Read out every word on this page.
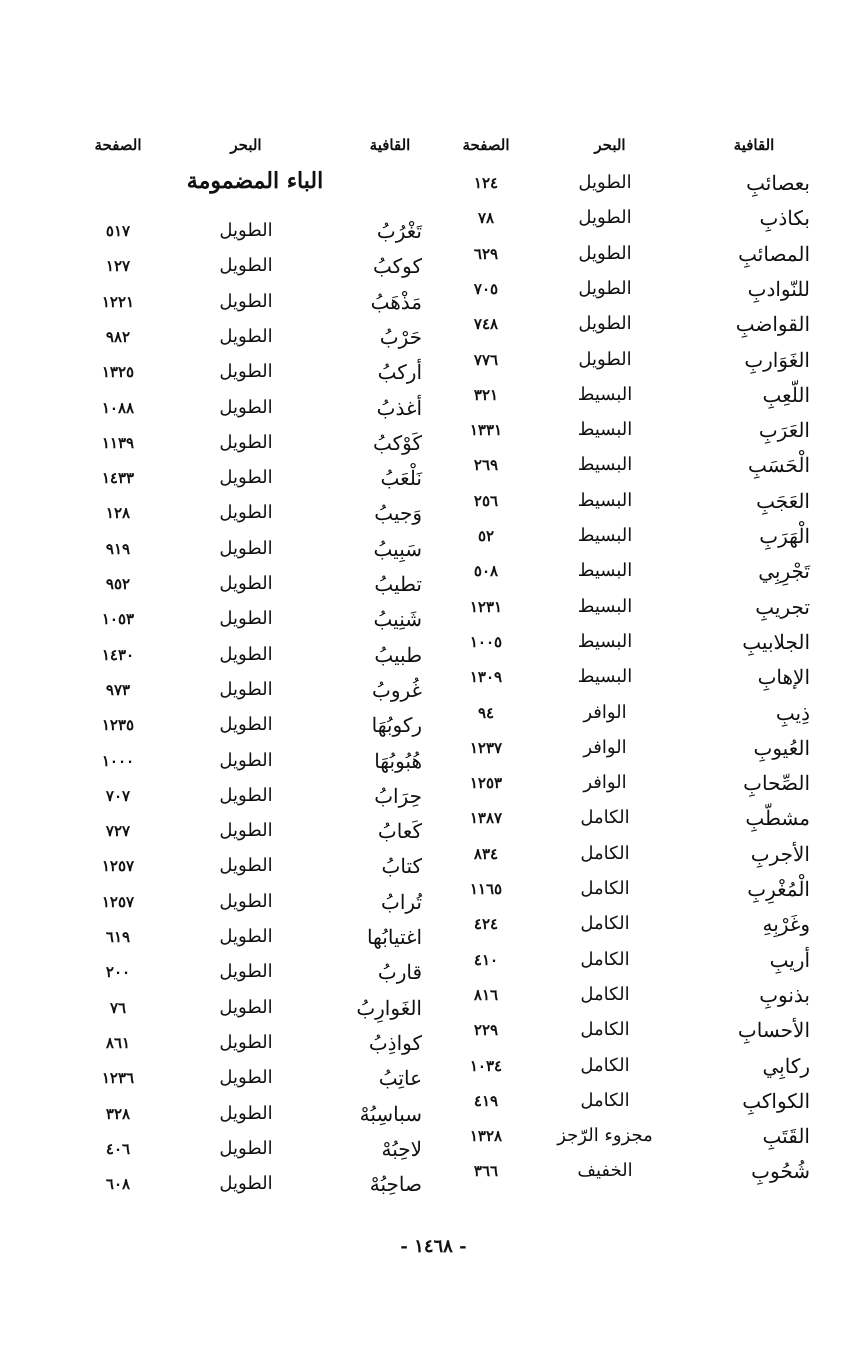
القافية
البحر
الصفحة
القافية
البحر
الصفحة
الباء المضمومة	بعصائبِ
الطويل
١٢٤
بكاذبِ
الطويل
٧٨
المصائبِ
الطويل
٦٢٩
للنّوادبِ
الطويل
٧٠٥
القواضبِ
الطويل
٧٤٨
الغَوَاربِ
الطويل
٧٧٦
اللّعِبِ
البسيط
٣٢١
العَرَبِ
البسيط
١٣٣١
الْحَسَبِ
البسيط
٢٦٩
العَجَبِ
البسيط
٢٥٦
الْهَرَبِ
البسيط
٥٢
تَجْرِبِي
البسيط
٥٠٨
تجريبِ
البسيط
١٢٣١
الجلابيبِ
البسيط
١٠٠٥
الإهابِ
البسيط
١٣٠٩
ذِيبِ
الوافر
٩٤
العُيوبِ
الوافر
١٢٣٧
الصِّحابِ
الوافر
١٢٥٣
مشطّبِ
الكامل
١٣٨٧
الأجربِ
الكامل
٨٣٤
الْمُغْرِبِ
الكامل
١١٦٥
وغَرْبِهِ
الكامل
٤٢٤
أريبِ
الكامل
٤١٠
بذنوبِ
الكامل
٨١٦
الأحسابِ
الكامل
٢٢٩
ركابِي
الكامل
١٠٣٤
الكواكبِ
الكامل
٤١٩
القَتَبِ
مجزوء الرّجز
١٣٢٨
شُحُوبِ
الخفيف
٣٦٦
تَغْرُبُ
الطويل
٥١٧
كوكبُ
الطويل
١٢٧
مَذْهَبُ
الطويل
١٢٢١
حَرْبُ
الطويل
٩٨٢
أركبُ
الطويل
١٣٢٥
أغذبُ
الطويل
١٠٨٨
كَوْكبُ
الطويل
١١٣٩
نَلْعَبُ
الطويل
١٤٣٣
وَجيبُ
الطويل
١٢٨
سَبِيبُ
الطويل
٩١٩
تطيبُ
الطويل
٩٥٢
شَنِيبُ
الطويل
١٠٥٣
طبيبُ
الطويل
١٤٣٠
غُروبُ
الطويل
٩٧٣
ركوبُهَا
الطويل
١٢٣٥
هُبُوبُهَا
الطويل
١٠٠٠
حِرَابُ
الطويل
٧٠٧
كَعابُ
الطويل
٧٢٧
كتابُ
الطويل
١٢٥٧
تُرابُ
الطويل
١٢٥٧
اغتيابُها
الطويل
٦١٩
قاربُ
الطويل
٢٠٠
الغَوارِبُ
الطويل
٧٦
كواذِبُ
الطويل
٨٦١
عاتِبُ
الطويل
١٢٣٦
سباسِبُهْ
الطويل
٣٢٨
لاحِبُهْ
الطويل
٤٠٦
صاحِبُهْ
الطويل
٦٠٨
- ١٤٦٨ -
